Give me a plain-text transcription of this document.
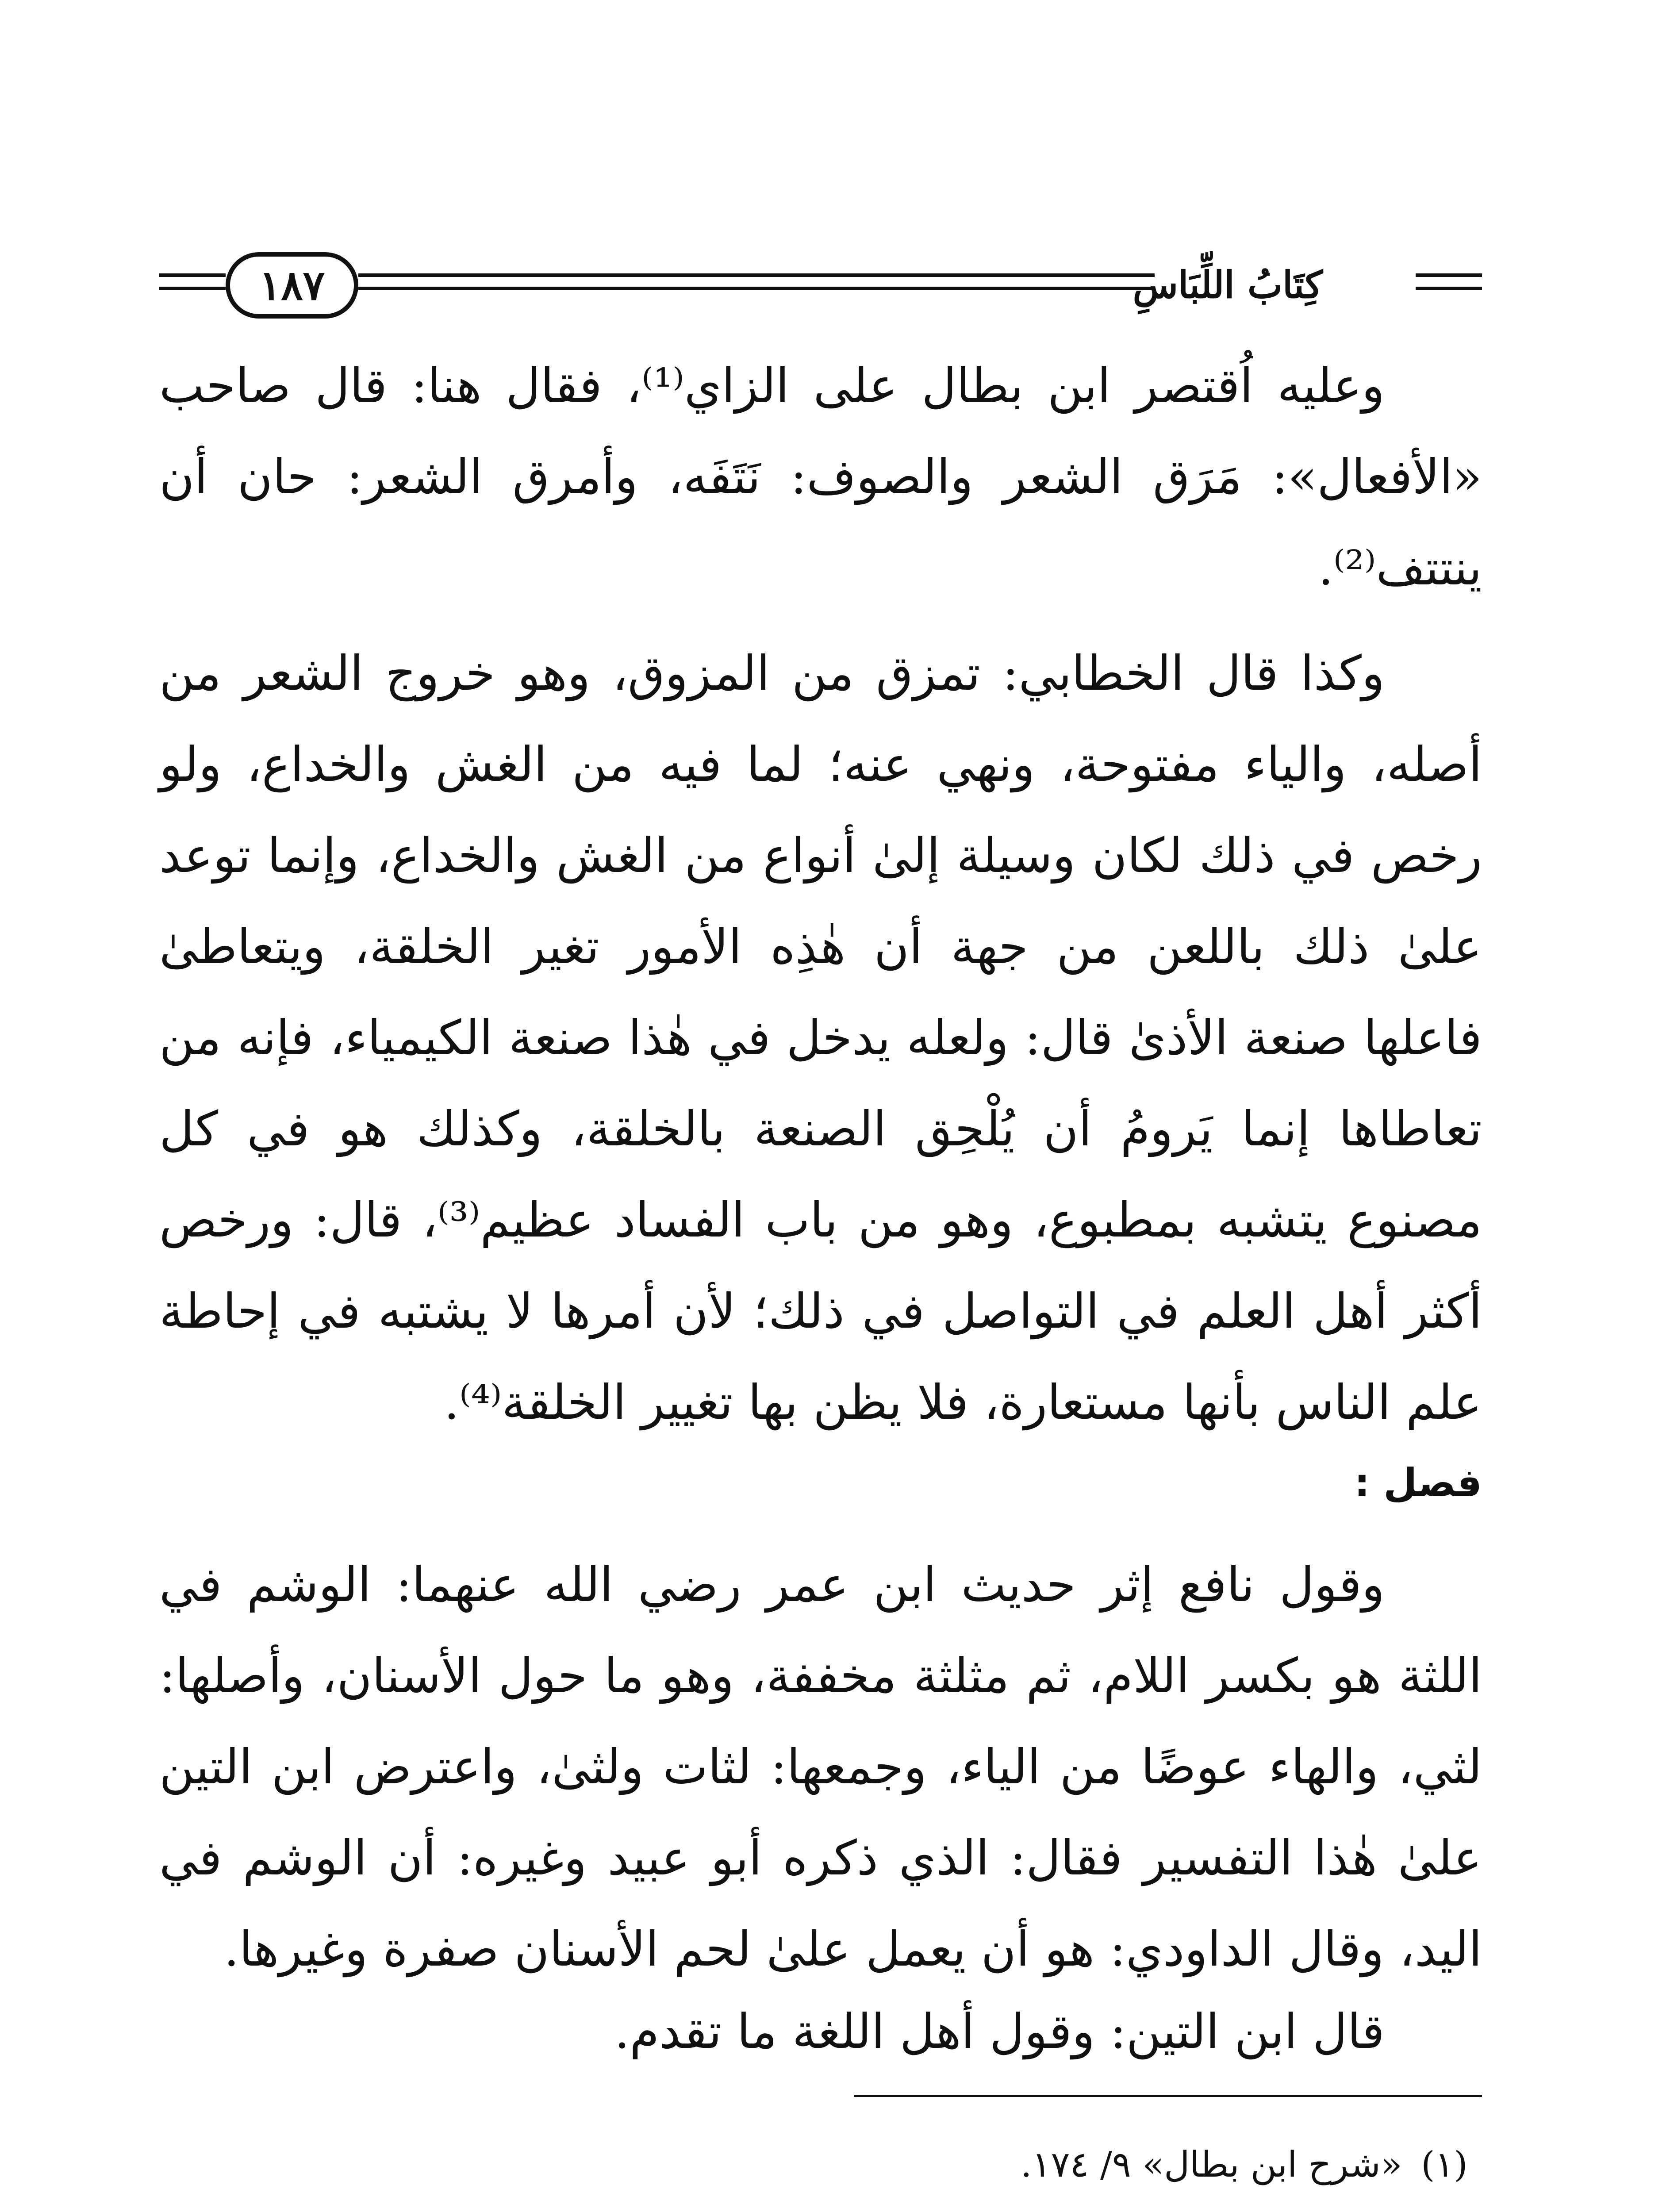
١٨٧	كِتَابُ اللِّبَاسِ

وعليه اُقتصر ابن بطال على الزاي⁽¹⁾، فقال هنا: قال صاحب «الأفعال»: مَرَق الشعر والصوف: نَتَفَه، وأمرق الشعر: حان أن ينتتف⁽²⁾.

وكذا قال الخطابي: تمزق من المزوق، وهو خروج الشعر من أصله، والياء مفتوحة، ونهي عنه؛ لما فيه من الغش والخداع، ولو رخص في ذلك لكان وسيلة إلىٰ أنواع من الغش والخداع، وإنما توعد علىٰ ذلك باللعن من جهة أن هٰذِه الأمور تغير الخلقة، ويتعاطىٰ فاعلها صنعة الأذىٰ قال: ولعله يدخل في هٰذا صنعة الكيمياء، فإنه من تعاطاها إنما يَرومُ أن يُلْحِق الصنعة بالخلقة، وكذلك هو في كل مصنوع يتشبه بمطبوع، وهو من باب الفساد عظيم⁽³⁾، قال: ورخص أكثر أهل العلم في التواصل في ذلك؛ لأن أمرها لا يشتبه في إحاطة علم الناس بأنها مستعارة، فلا يظن بها تغيير الخلقة⁽⁴⁾.

فصل :

وقول نافع إثر حديث ابن عمر رضي الله عنهما: الوشم في اللثة هو بكسر اللام، ثم مثلثة مخففة، وهو ما حول الأسنان، وأصلها: لثي، والهاء عوضًا من الياء، وجمعها: لثات ولثىٰ، واعترض ابن التين علىٰ هٰذا التفسير فقال: الذي ذكره أبو عبيد وغيره: أن الوشم في اليد، وقال الداودي: هو أن يعمل علىٰ لحم الأسنان صفرة وغيرها.

قال ابن التين: وقول أهل اللغة ما تقدم.

(١) «شرح ابن بطال» ٩/ ١٧٤.
